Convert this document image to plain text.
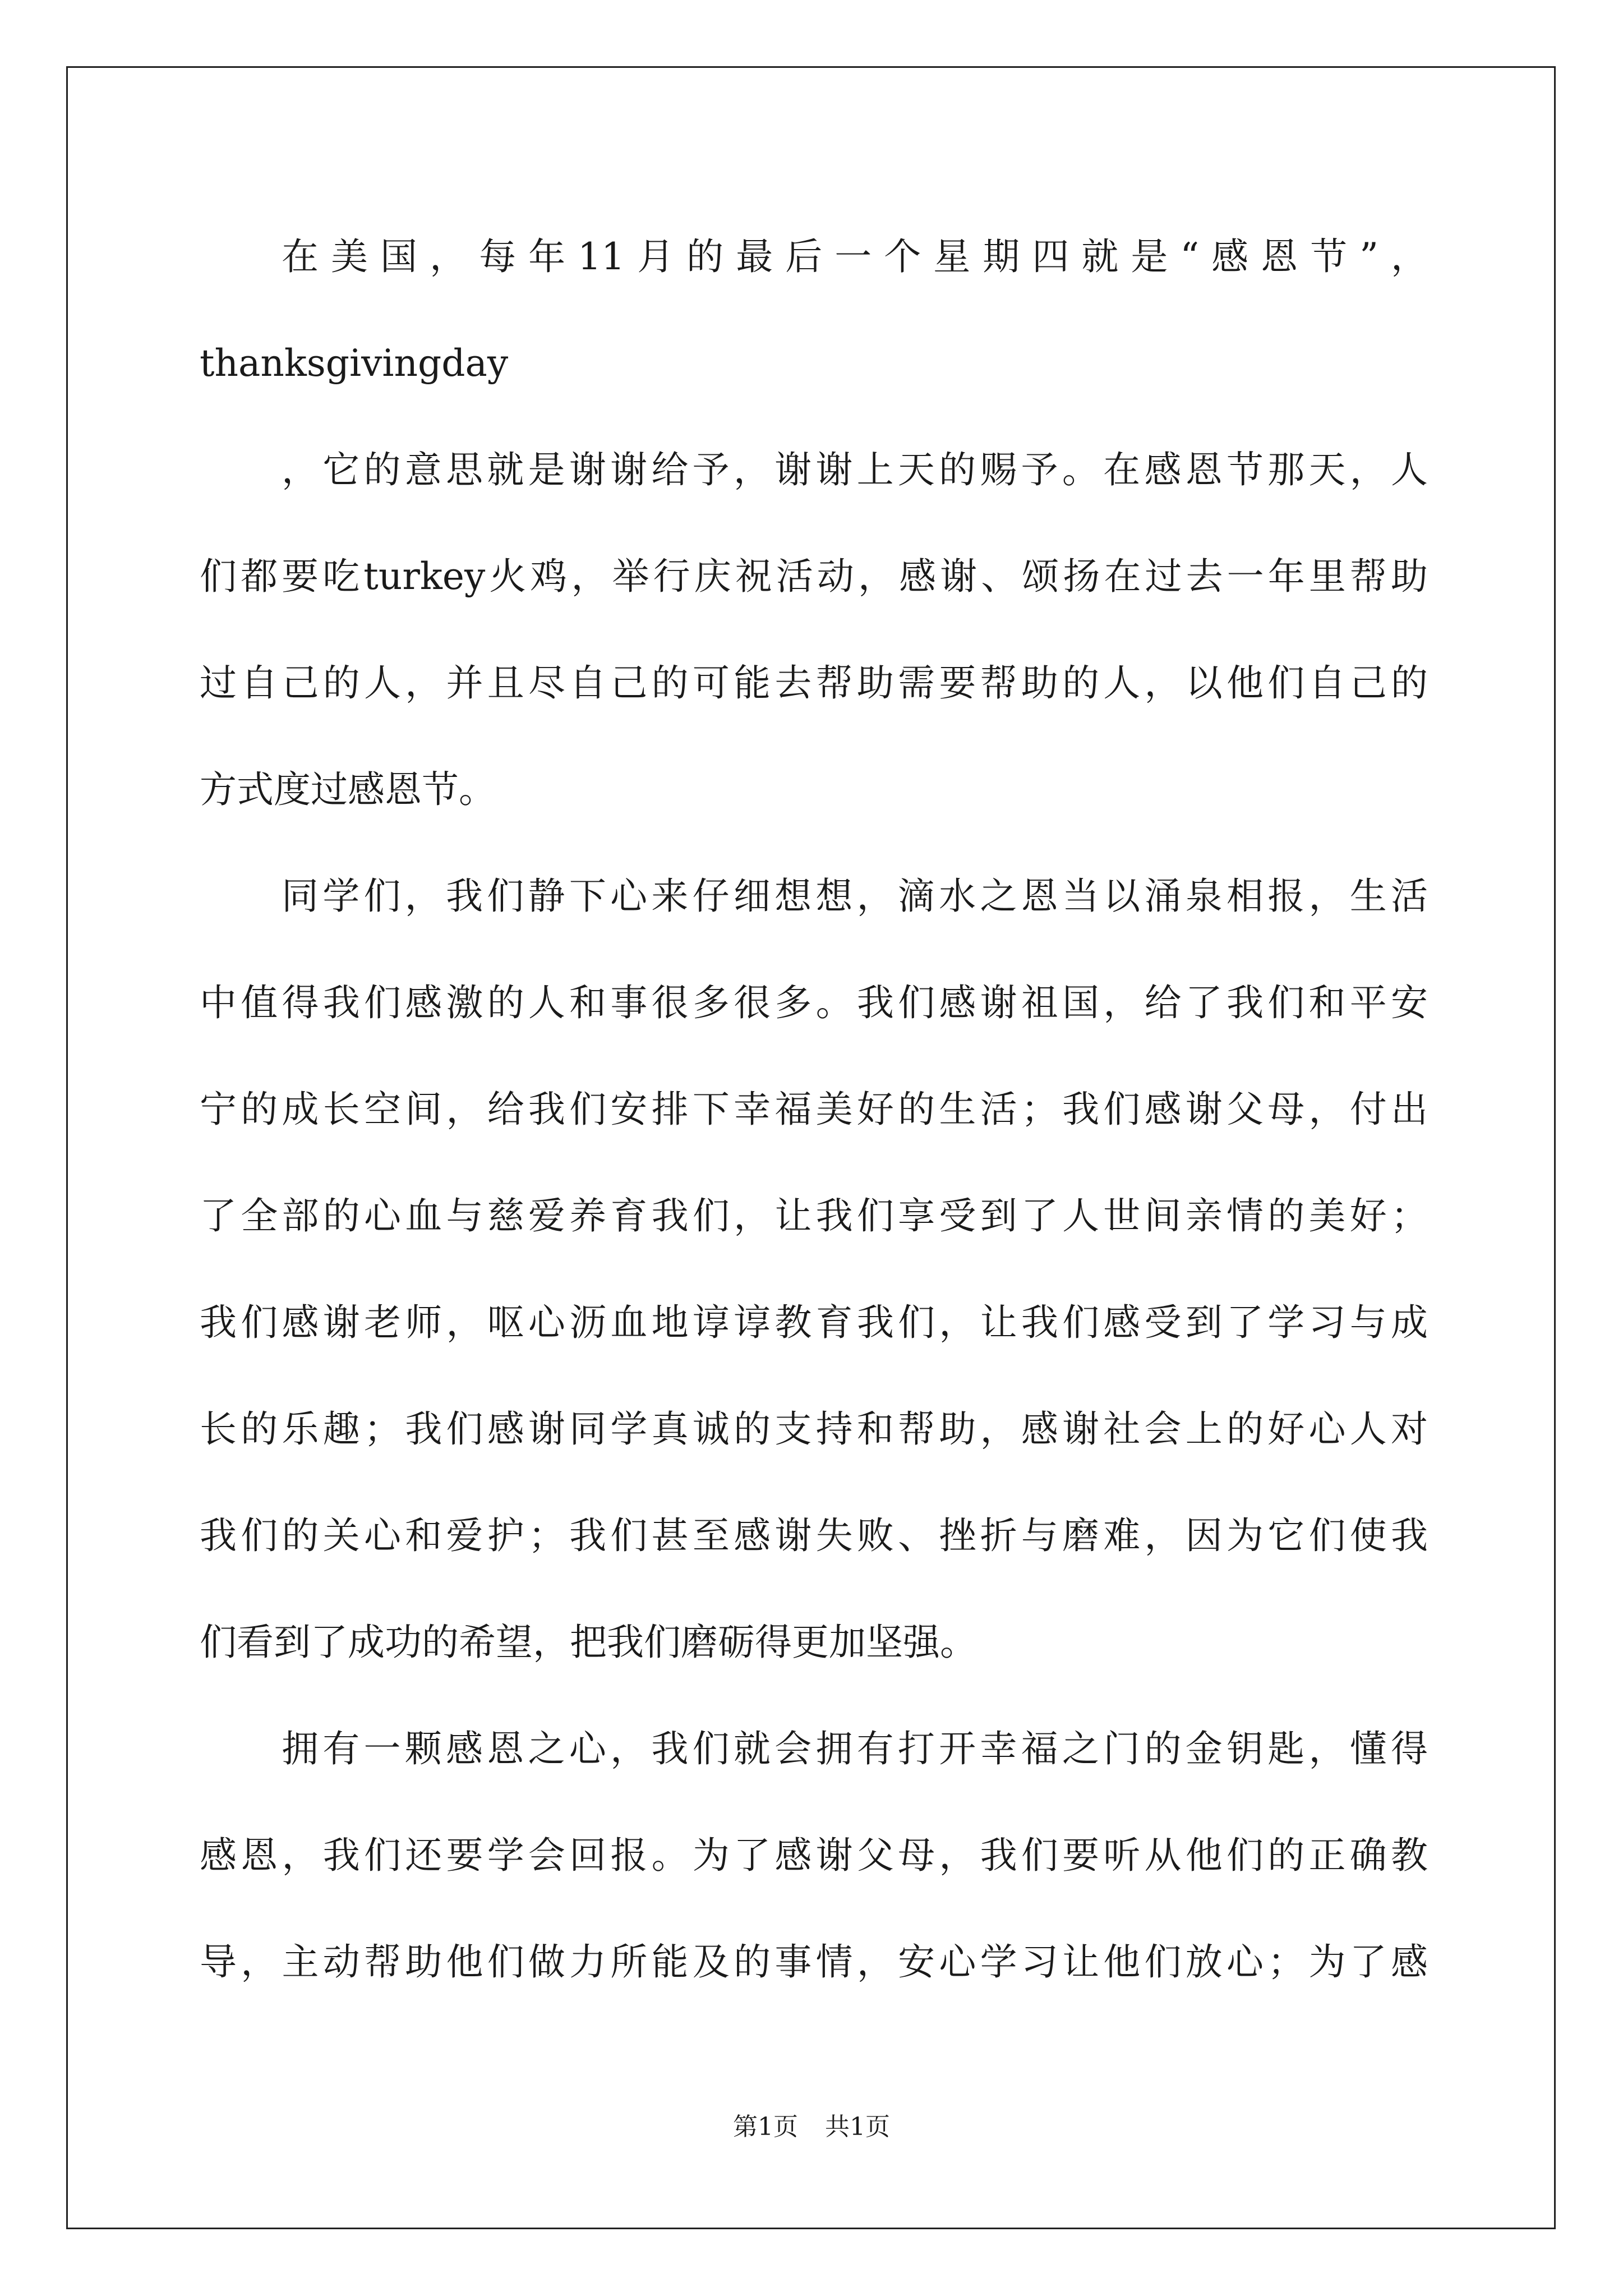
在美国，每年11月的最后一个星期四就是“感恩节”，
thanksgivingday
，它的意思就是谢谢给予，谢谢上天的赐予。在感恩节那天，人
们都要吃turkey火鸡，举行庆祝活动，感谢、颂扬在过去一年里帮助
过自己的人，并且尽自己的可能去帮助需要帮助的人，以他们自己的
方式度过感恩节。
同学们，我们静下心来仔细想想，滴水之恩当以涌泉相报，生活
中值得我们感激的人和事很多很多。我们感谢祖国，给了我们和平安
宁的成长空间，给我们安排下幸福美好的生活；我们感谢父母，付出
了全部的心血与慈爱养育我们，让我们享受到了人世间亲情的美好；
我们感谢老师，呕心沥血地谆谆教育我们，让我们感受到了学习与成
长的乐趣；我们感谢同学真诚的支持和帮助，感谢社会上的好心人对
我们的关心和爱护；我们甚至感谢失败、挫折与磨难，因为它们使我
们看到了成功的希望，把我们磨砺得更加坚强。
拥有一颗感恩之心，我们就会拥有打开幸福之门的金钥匙，懂得
感恩，我们还要学会回报。为了感谢父母，我们要听从他们的正确教
导，主动帮助他们做力所能及的事情，安心学习让他们放心；为了感
第1页 共1页
